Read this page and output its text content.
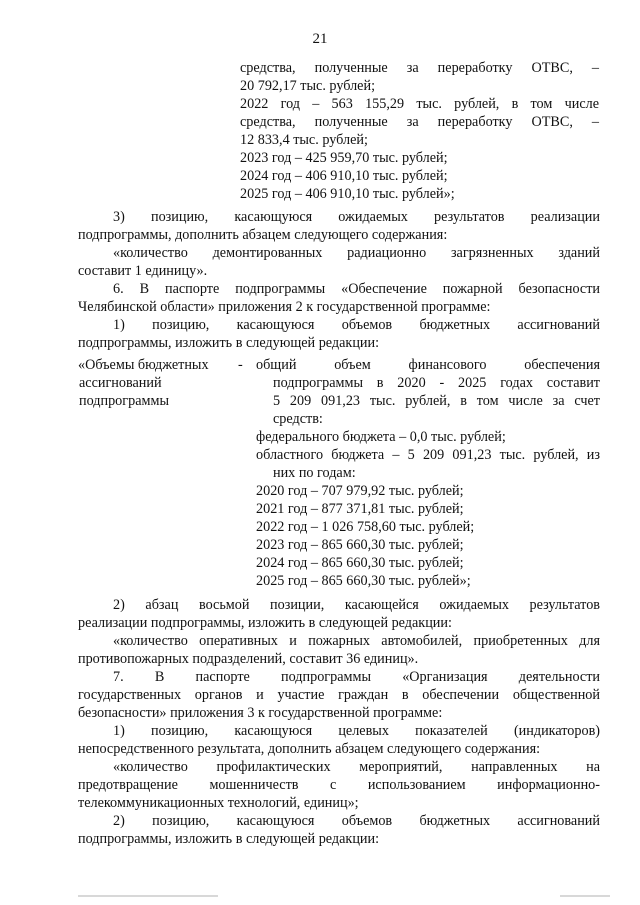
21
средства, полученные за переработку ОТВС, –
20 792,17 тыс. рублей;
2022 год – 563 155,29 тыс. рублей, в том числе
средства, полученные за переработку ОТВС, –
12 833,4 тыс. рублей;
2023 год – 425 959,70 тыс. рублей;
2024 год – 406 910,10 тыс. рублей;
2025 год – 406 910,10 тыс. рублей»;
3) позицию, касающуюся ожидаемых результатов реализации
подпрограммы, дополнить абзацем следующего содержания:
«количество демонтированных радиационно загрязненных зданий
составит 1 единицу».
6. В паспорте подпрограммы «Обеспечение пожарной безопасности
Челябинской области» приложения 2 к государственной программе:
1) позицию, касающуюся объемов бюджетных ассигнований
подпрограммы, изложить в следующей редакции:
«Объемы бюджетных
ассигнований
подпрограммы
- общий объем финансового обеспечения
подпрограммы в 2020 - 2025 годах составит
5 209 091,23 тыс. рублей, в том числе за счет
средств:
федерального бюджета – 0,0 тыс. рублей;
областного бюджета – 5 209 091,23 тыс. рублей, из
них по годам:
2020 год – 707 979,92 тыс. рублей;
2021 год – 877 371,81 тыс. рублей;
2022 год – 1 026 758,60 тыс. рублей;
2023 год – 865 660,30 тыс. рублей;
2024 год – 865 660,30 тыс. рублей;
2025 год – 865 660,30 тыс. рублей»;
2) абзац восьмой позиции, касающейся ожидаемых результатов
реализации подпрограммы, изложить в следующей редакции:
«количество оперативных и пожарных автомобилей, приобретенных для
противопожарных подразделений, составит 36 единиц».
7. В паспорте подпрограммы «Организация деятельности
государственных органов и участие граждан в обеспечении общественной
безопасности» приложения 3 к государственной программе:
1) позицию, касающуюся целевых показателей (индикаторов)
непосредственного результата, дополнить абзацем следующего содержания:
«количество профилактических мероприятий, направленных на
предотвращение мошенничеств с использованием информационно-
телекоммуникационных технологий, единиц»;
2) позицию, касающуюся объемов бюджетных ассигнований
подпрограммы, изложить в следующей редакции:
